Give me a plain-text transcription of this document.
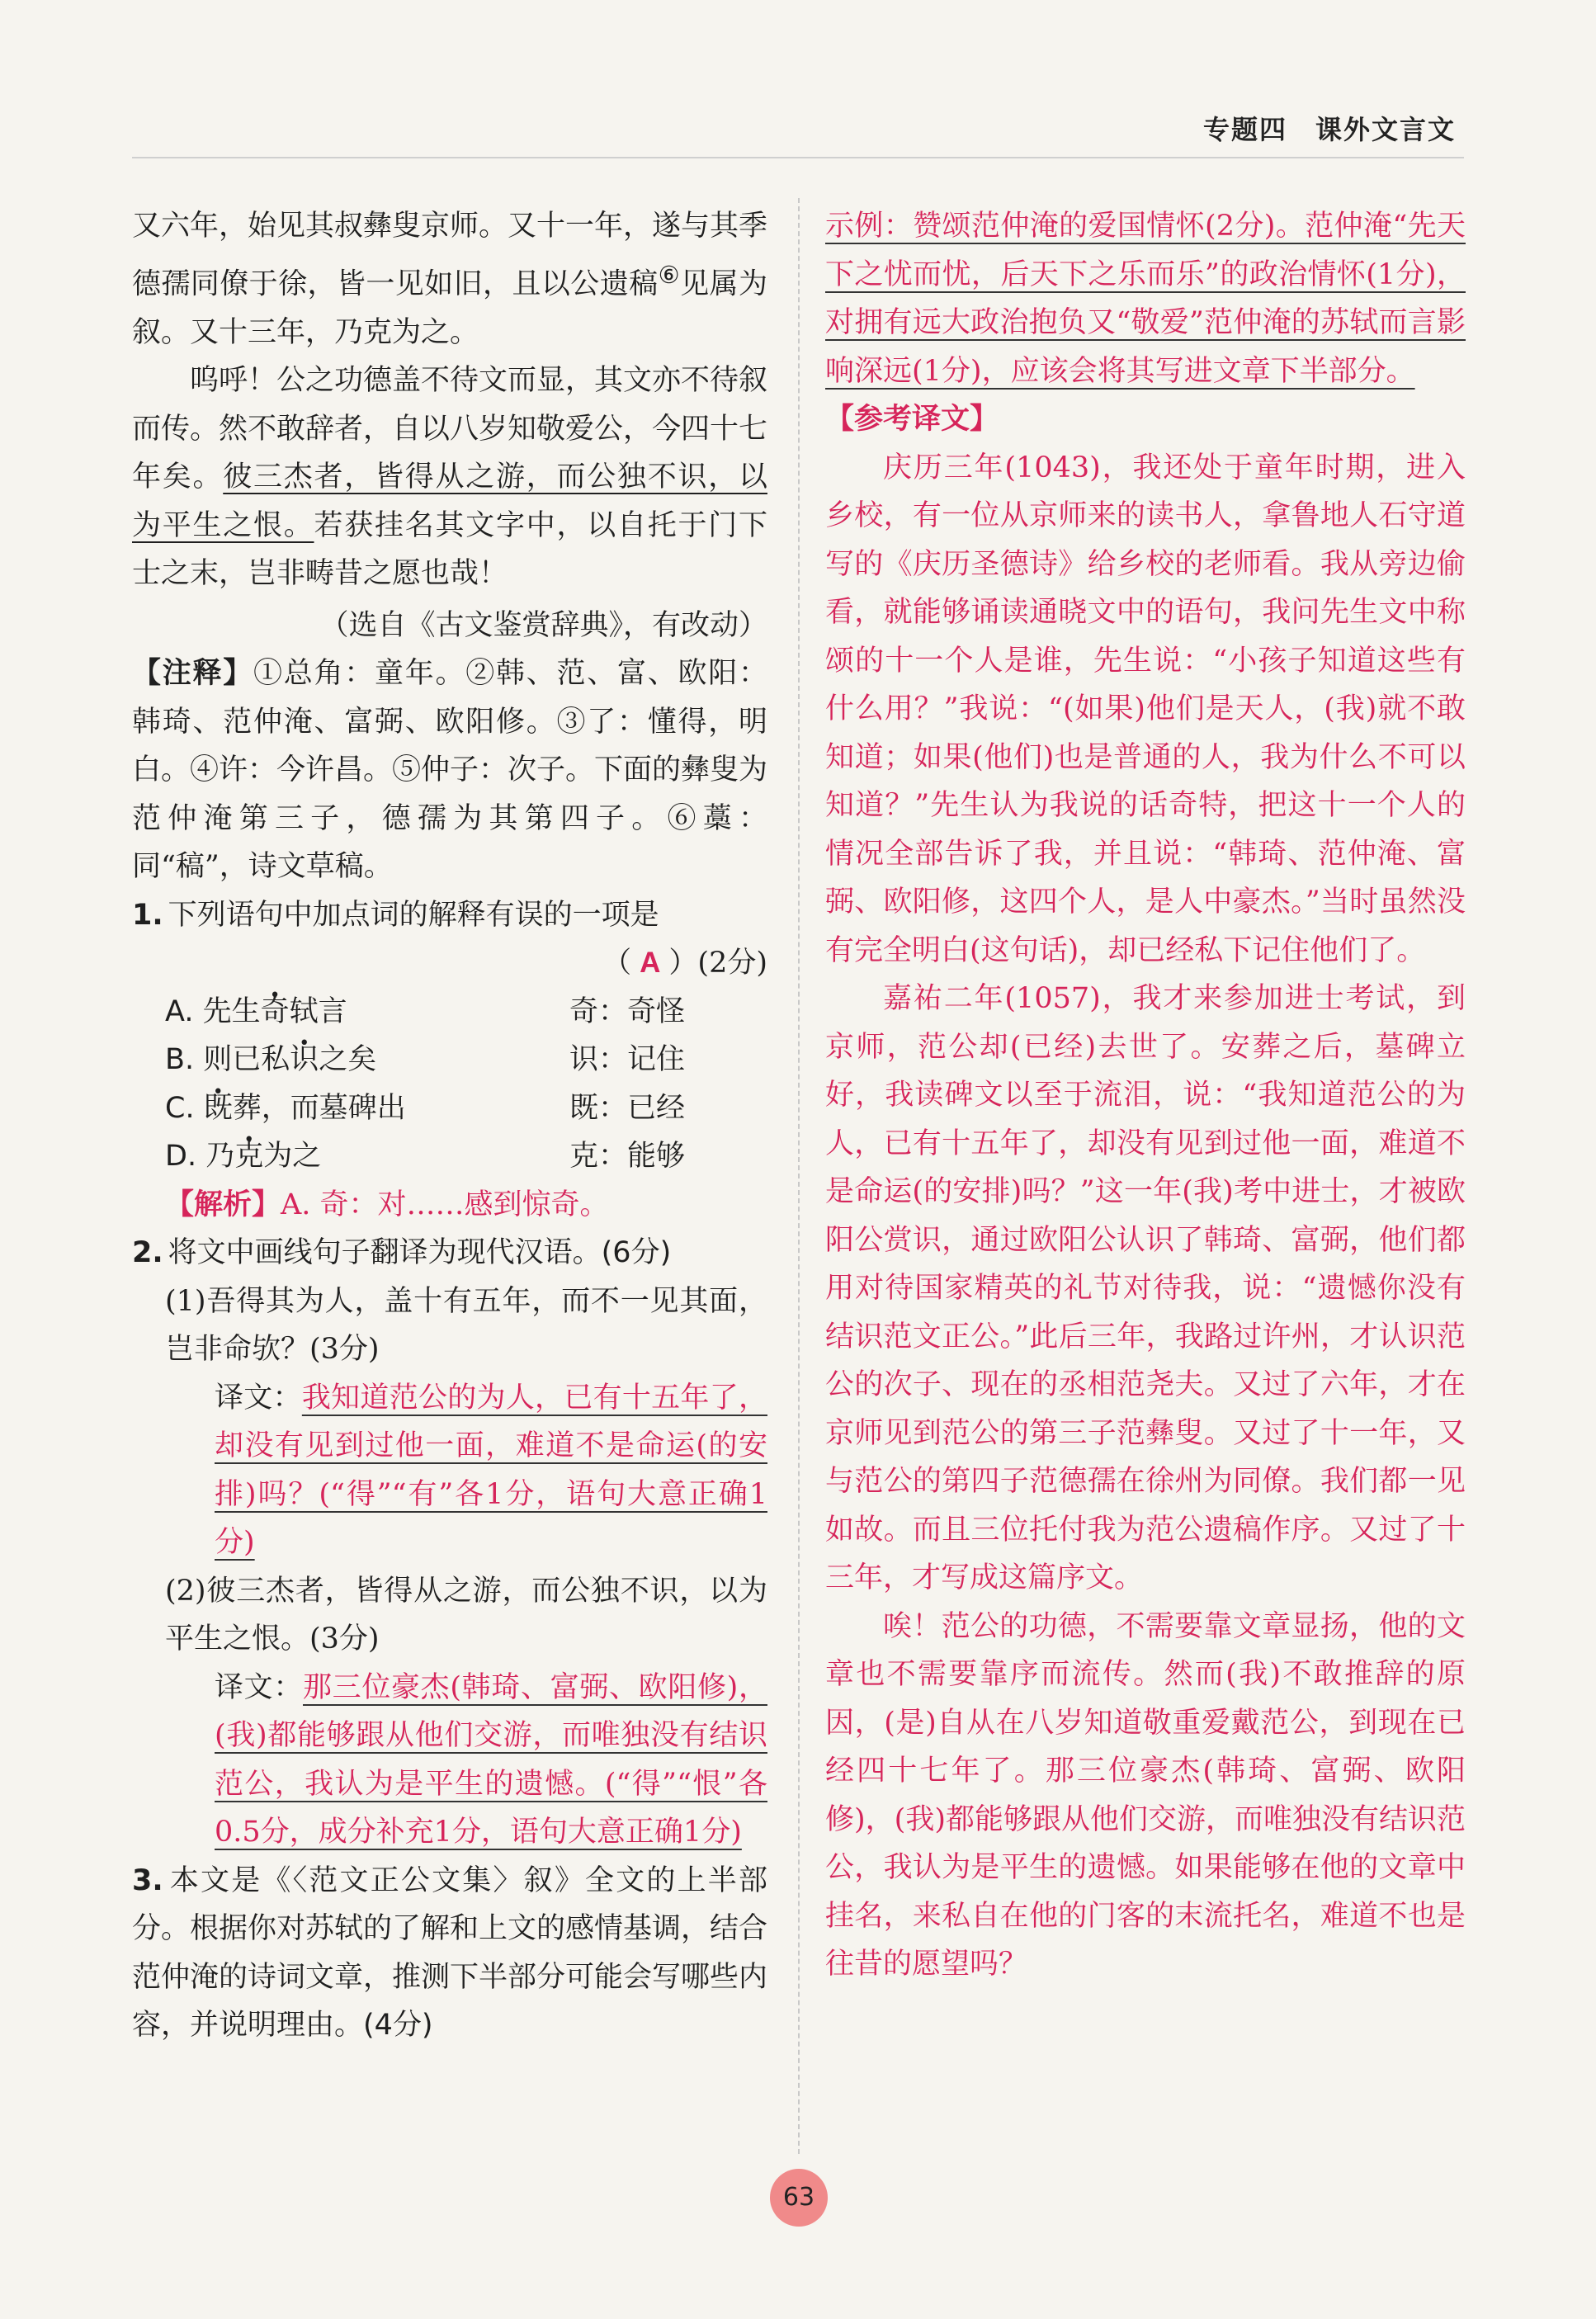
专题四 课外文言文

又六年，始见其叔彝叟京师。又十一年，遂与其季德孺同僚于徐，皆一见如旧，且以公遗稿⑥见属为叙。又十三年，乃克为之。

呜呼！公之功德盖不待文而显，其文亦不待叙而传。然不敢辞者，自以八岁知敬爱公，今四十七年矣。彼三杰者，皆得从之游，而公独不识，以为平生之恨。若获挂名其文字中，以自托于门下士之末，岂非畴昔之愿也哉！

（选自《古文鉴赏辞典》，有改动）

【注释】①总角：童年。②韩、范、富、欧阳：韩琦、范仲淹、富弼、欧阳修。③了：懂得，明白。④许：今许昌。⑤仲子：次子。下面的彝叟为范仲淹第三子，德孺为其第四子。⑥藁：同“稿”，诗文草稿。

1. 下列语句中加点词的解释有误的一项是

（ A ）(2分)

A. 先生奇轼言	奇：奇怪
B. 则已私识之矣	识：记住
C. 既葬，而墓碑出	既：已经
D. 乃克为之	克：能够

【解析】A. 奇：对……感到惊奇。

2. 将文中画线句子翻译为现代汉语。(6分)

(1)吾得其为人，盖十有五年，而不一见其面，岂非命欤？(3分)

译文：我知道范公的为人，已有十五年了，却没有见到过他一面，难道不是命运(的安排)吗？(“得”“有”各1分，语句大意正确1分)

(2)彼三杰者，皆得从之游，而公独不识，以为平生之恨。(3分)

译文：那三位豪杰(韩琦、富弼、欧阳修)，(我)都能够跟从他们交游，而唯独没有结识范公，我认为是平生的遗憾。(“得”“恨”各0.5分，成分补充1分，语句大意正确1分)

3. 本文是《〈范文正公文集〉叙》全文的上半部分。根据你对苏轼的了解和上文的感情基调，结合范仲淹的诗词文章，推测下半部分可能会写哪些内容，并说明理由。(4分)

示例：赞颂范仲淹的爱国情怀(2分)。范仲淹“先天下之忧而忧，后天下之乐而乐”的政治情怀(1分)，对拥有远大政治抱负又“敬爱”范仲淹的苏轼而言影响深远(1分)，应该会将其写进文章下半部分。

【参考译文】

庆历三年(1043)，我还处于童年时期，进入乡校，有一位从京师来的读书人，拿鲁地人石守道写的《庆历圣德诗》给乡校的老师看。我从旁边偷看，就能够诵读通晓文中的语句，我问先生文中称颂的十一个人是谁，先生说：“小孩子知道这些有什么用？”我说：“(如果)他们是天人，(我)就不敢知道；如果(他们)也是普通的人，我为什么不可以知道？”先生认为我说的话奇特，把这十一个人的情况全部告诉了我，并且说：“韩琦、范仲淹、富弼、欧阳修，这四个人，是人中豪杰。”当时虽然没有完全明白(这句话)，却已经私下记住他们了。

嘉祐二年(1057)，我才来参加进士考试，到京师，范公却(已经)去世了。安葬之后，墓碑立好，我读碑文以至于流泪，说：“我知道范公的为人，已有十五年了，却没有见到过他一面，难道不是命运(的安排)吗？”这一年(我)考中进士，才被欧阳公赏识，通过欧阳公认识了韩琦、富弼，他们都用对待国家精英的礼节对待我，说：“遗憾你没有结识范文正公。”此后三年，我路过许州，才认识范公的次子、现在的丞相范尧夫。又过了六年，才在京师见到范公的第三子范彝叟。又过了十一年，又与范公的第四子范德孺在徐州为同僚。我们都一见如故。而且三位托付我为范公遗稿作序。又过了十三年，才写成这篇序文。

唉！范公的功德，不需要靠文章显扬，他的文章也不需要靠序而流传。然而(我)不敢推辞的原因，(是)自从在八岁知道敬重爱戴范公，到现在已经四十七年了。那三位豪杰(韩琦、富弼、欧阳修)，(我)都能够跟从他们交游，而唯独没有结识范公，我认为是平生的遗憾。如果能够在他的文章中挂名，来私自在他的门客的末流托名，难道不也是往昔的愿望吗？

63
